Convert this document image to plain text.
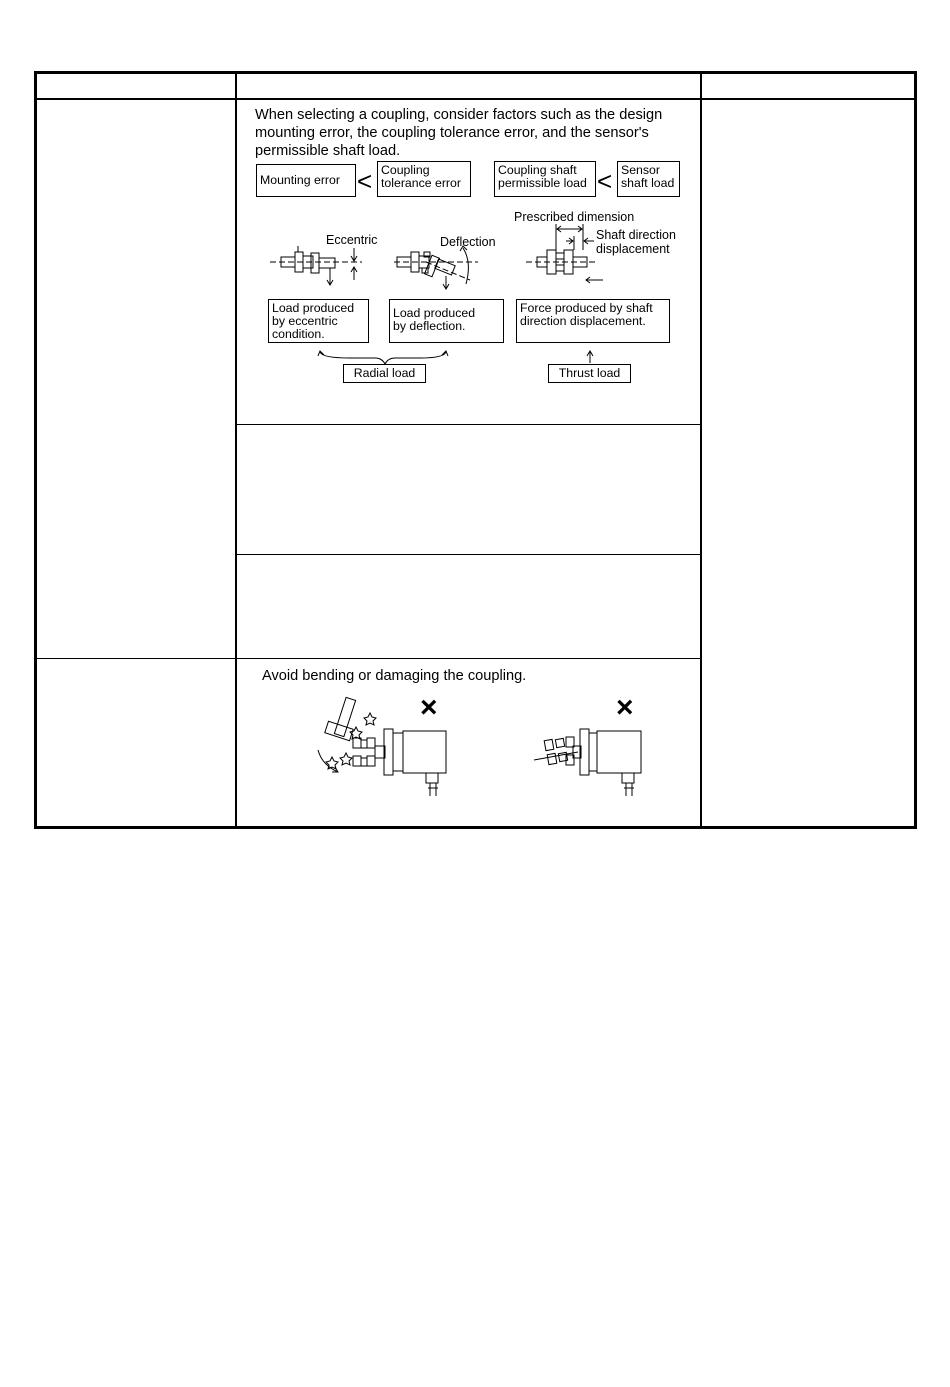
When selecting a coupling, consider factors such as the design mounting error, the coupling tolerance error, and the sensor's permissible shaft load.
Mounting error < Coupling
tolerance error
Coupling shaft
permissible load < Sensor
shaft load
Eccentric	Deflection
Prescribed dimension
Shaft direction
displacement
Load produced
by eccentric
condition.
Load produced
by deflection.
Force produced by shaft
direction displacement.
Radial load	Thrust load
Avoid bending or damaging the coupling.
×	×
